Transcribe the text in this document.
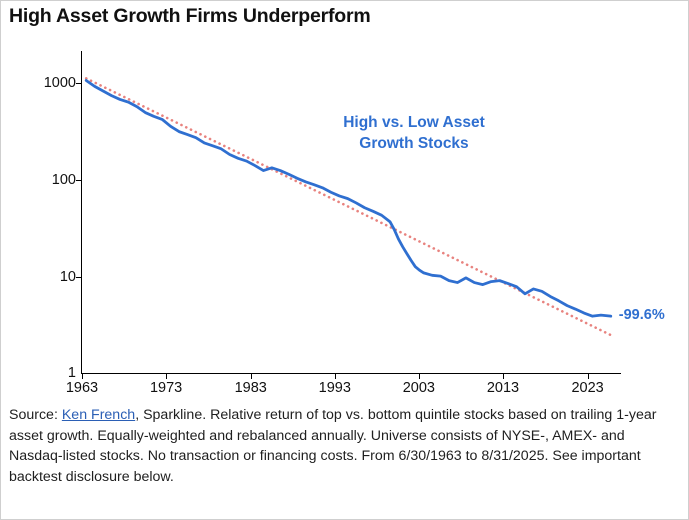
High Asset Growth Firms Underperform
1000
100
10
1
1963	1973	1983	1993	2003	2013	2023
High vs. Low Asset
Growth Stocks
-99.6%
Source: Ken French, Sparkline. Relative return of top vs. bottom quintile stocks based on trailing 1-year asset growth. Equally-weighted and rebalanced annually. Universe consists of NYSE-, AMEX- and Nasdaq-listed stocks. No transaction or financing costs. From 6/30/1963 to 8/31/2025. See important backtest disclosure below.
